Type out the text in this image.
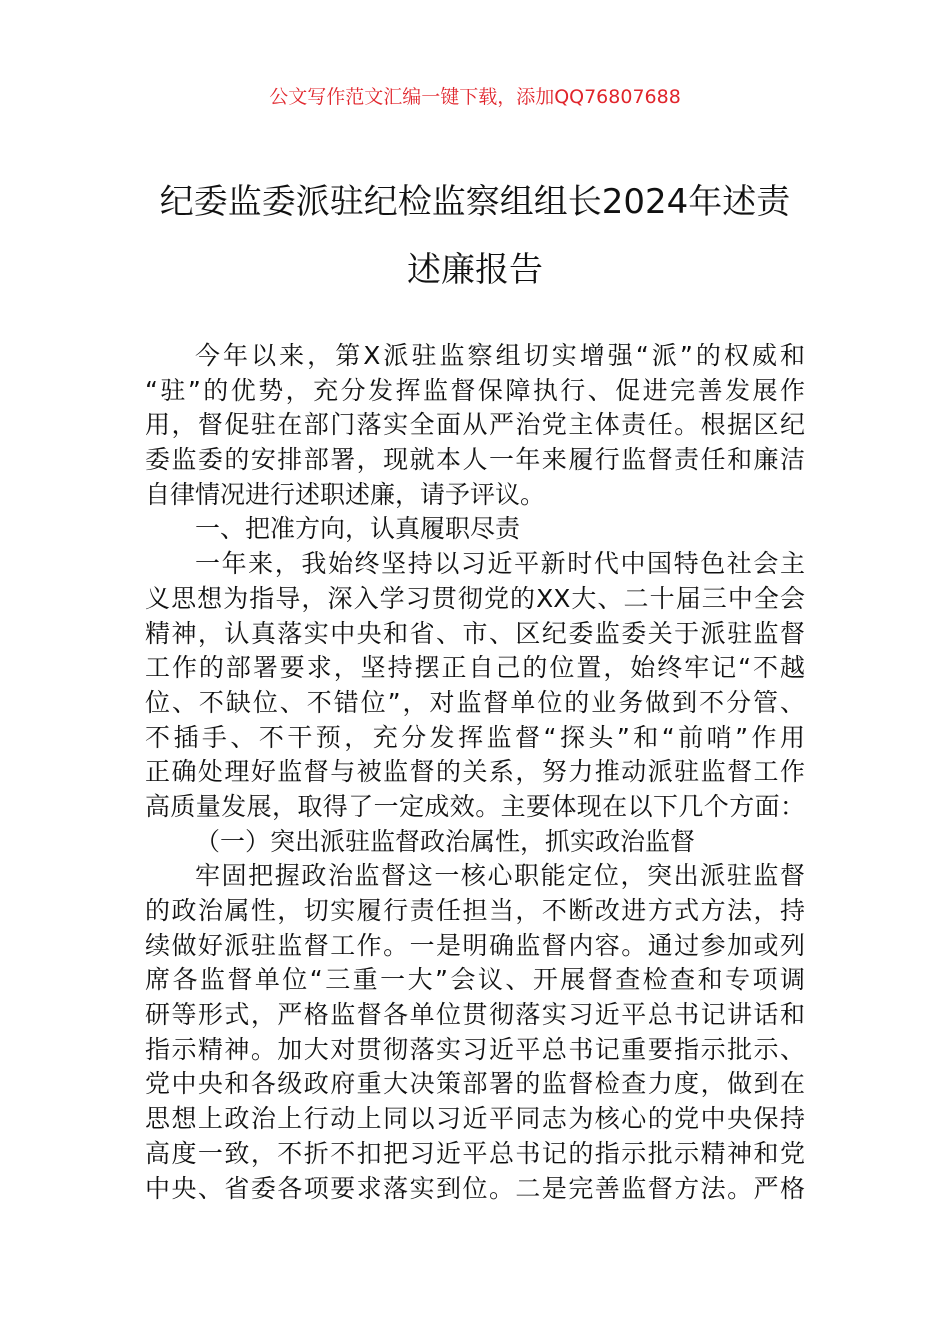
公文写作范文汇编一键下载，添加QQ76807688
纪委监委派驻纪检监察组组长2024年述责
述廉报告
今年以来，第X派驻监察组切实增强“派”的权威和
“驻”的优势，充分发挥监督保障执行、促进完善发展作
用，督促驻在部门落实全面从严治党主体责任。根据区纪
委监委的安排部署，现就本人一年来履行监督责任和廉洁
自律情况进行述职述廉，请予评议。
一、把准方向，认真履职尽责
一年来，我始终坚持以习近平新时代中国特色社会主
义思想为指导，深入学习贯彻党的XX大、二十届三中全会
精神，认真落实中央和省、市、区纪委监委关于派驻监督
工作的部署要求，坚持摆正自己的位置，始终牢记“不越
位、不缺位、不错位”，对监督单位的业务做到不分管、
不插手、不干预，充分发挥监督“探头”和“前哨”作用
正确处理好监督与被监督的关系，努力推动派驻监督工作
高质量发展，取得了一定成效。主要体现在以下几个方面：
（一）突出派驻监督政治属性，抓实政治监督
牢固把握政治监督这一核心职能定位，突出派驻监督
的政治属性，切实履行责任担当，不断改进方式方法，持
续做好派驻监督工作。一是明确监督内容。通过参加或列
席各监督单位“三重一大”会议、开展督查检查和专项调
研等形式，严格监督各单位贯彻落实习近平总书记讲话和
指示精神。加大对贯彻落实习近平总书记重要指示批示、
党中央和各级政府重大决策部署的监督检查力度，做到在
思想上政治上行动上同以习近平同志为核心的党中央保持
高度一致，不折不扣把习近平总书记的指示批示精神和党
中央、省委各项要求落实到位。二是完善监督方法。严格
